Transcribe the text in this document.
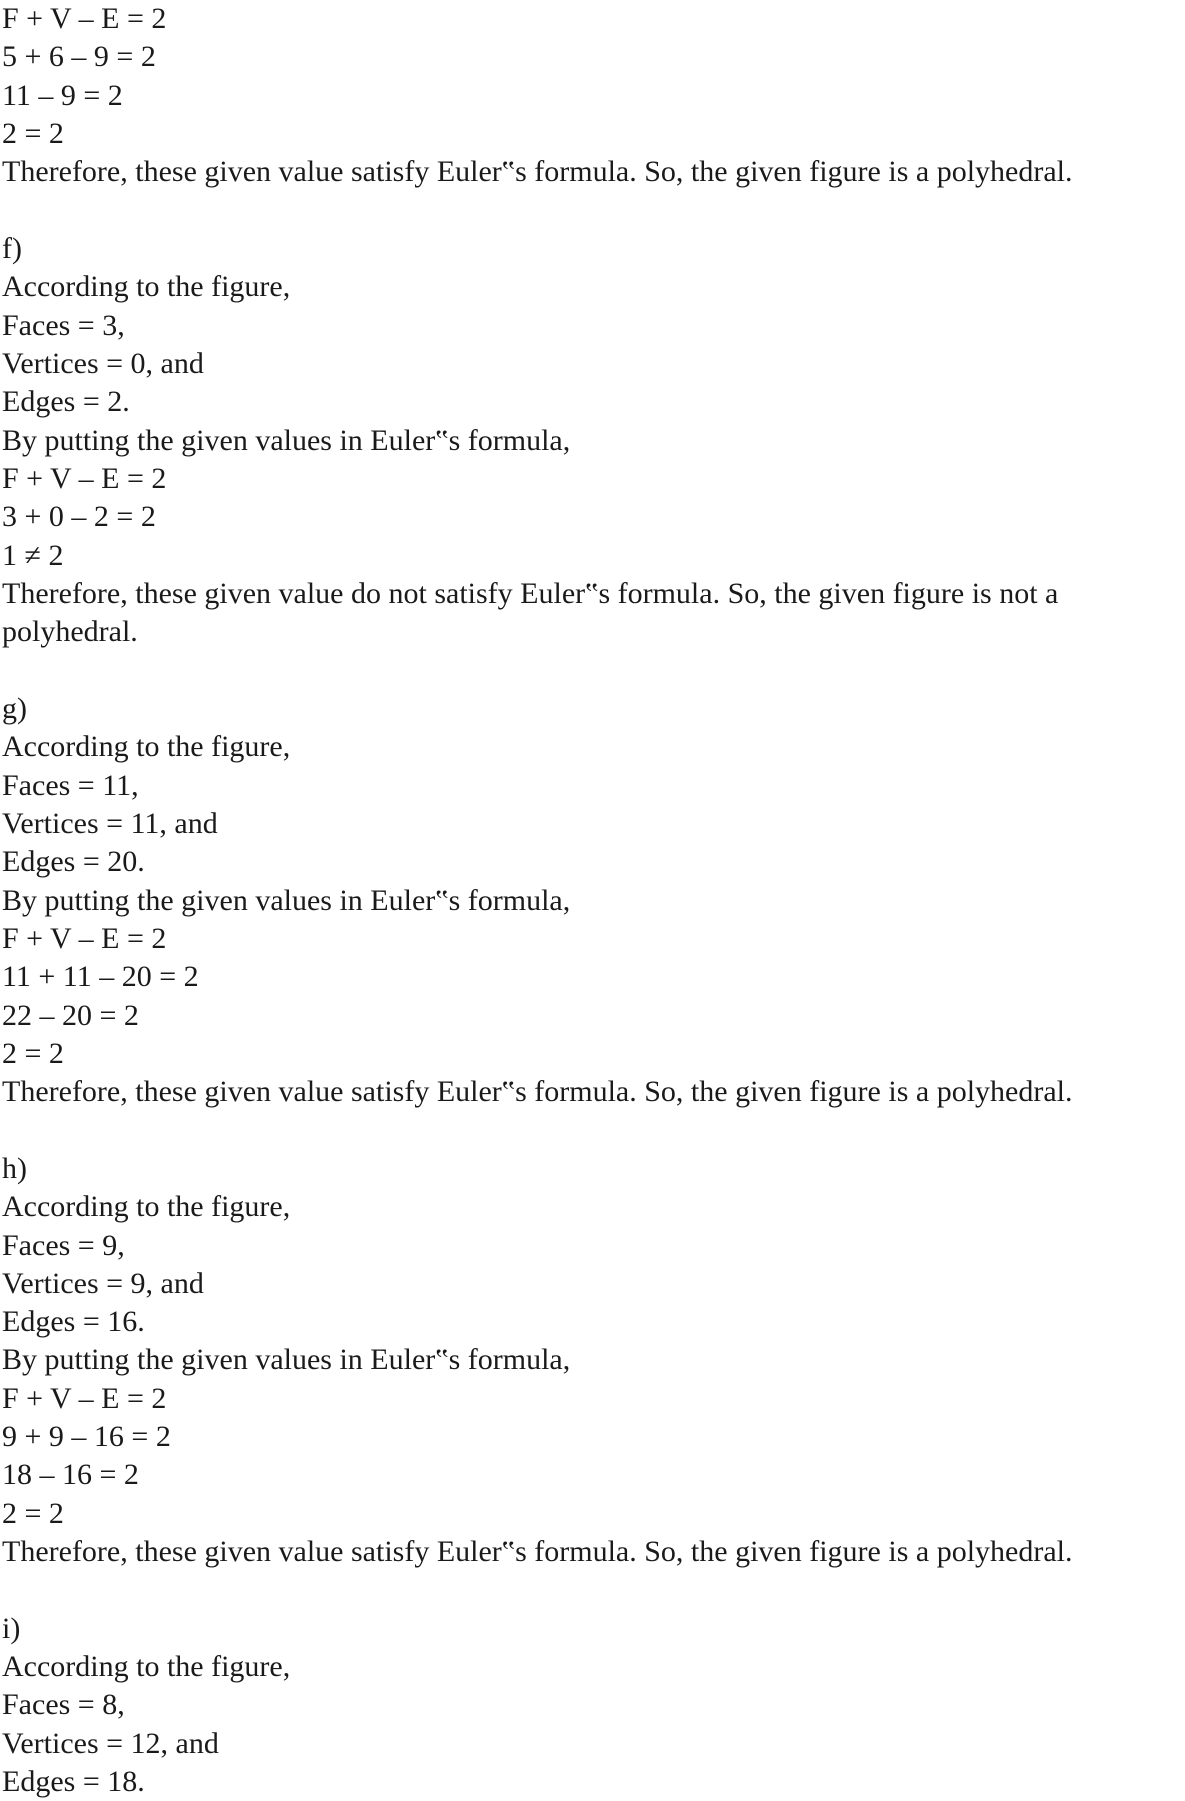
F + V – E = 2
5 + 6 – 9 = 2
11 – 9 = 2
2 = 2
Therefore, these given value satisfy Euler‟s formula. So, the given figure is a polyhedral.
f)
According to the figure,
Faces = 3,
Vertices = 0, and
Edges = 2.
By putting the given values in Euler‟s formula,
F + V – E = 2
3 + 0 – 2 = 2
1 ≠ 2
Therefore, these given value do not satisfy Euler‟s formula. So, the given figure is not a
polyhedral.
g)
According to the figure,
Faces = 11,
Vertices = 11, and
Edges = 20.
By putting the given values in Euler‟s formula,
F + V – E = 2
11 + 11 – 20 = 2
22 – 20 = 2
2 = 2
Therefore, these given value satisfy Euler‟s formula. So, the given figure is a polyhedral.
h)
According to the figure,
Faces = 9,
Vertices = 9, and
Edges = 16.
By putting the given values in Euler‟s formula,
F + V – E = 2
9 + 9 – 16 = 2
18 – 16 = 2
2 = 2
Therefore, these given value satisfy Euler‟s formula. So, the given figure is a polyhedral.
i)
According to the figure,
Faces = 8,
Vertices = 12, and
Edges = 18.
